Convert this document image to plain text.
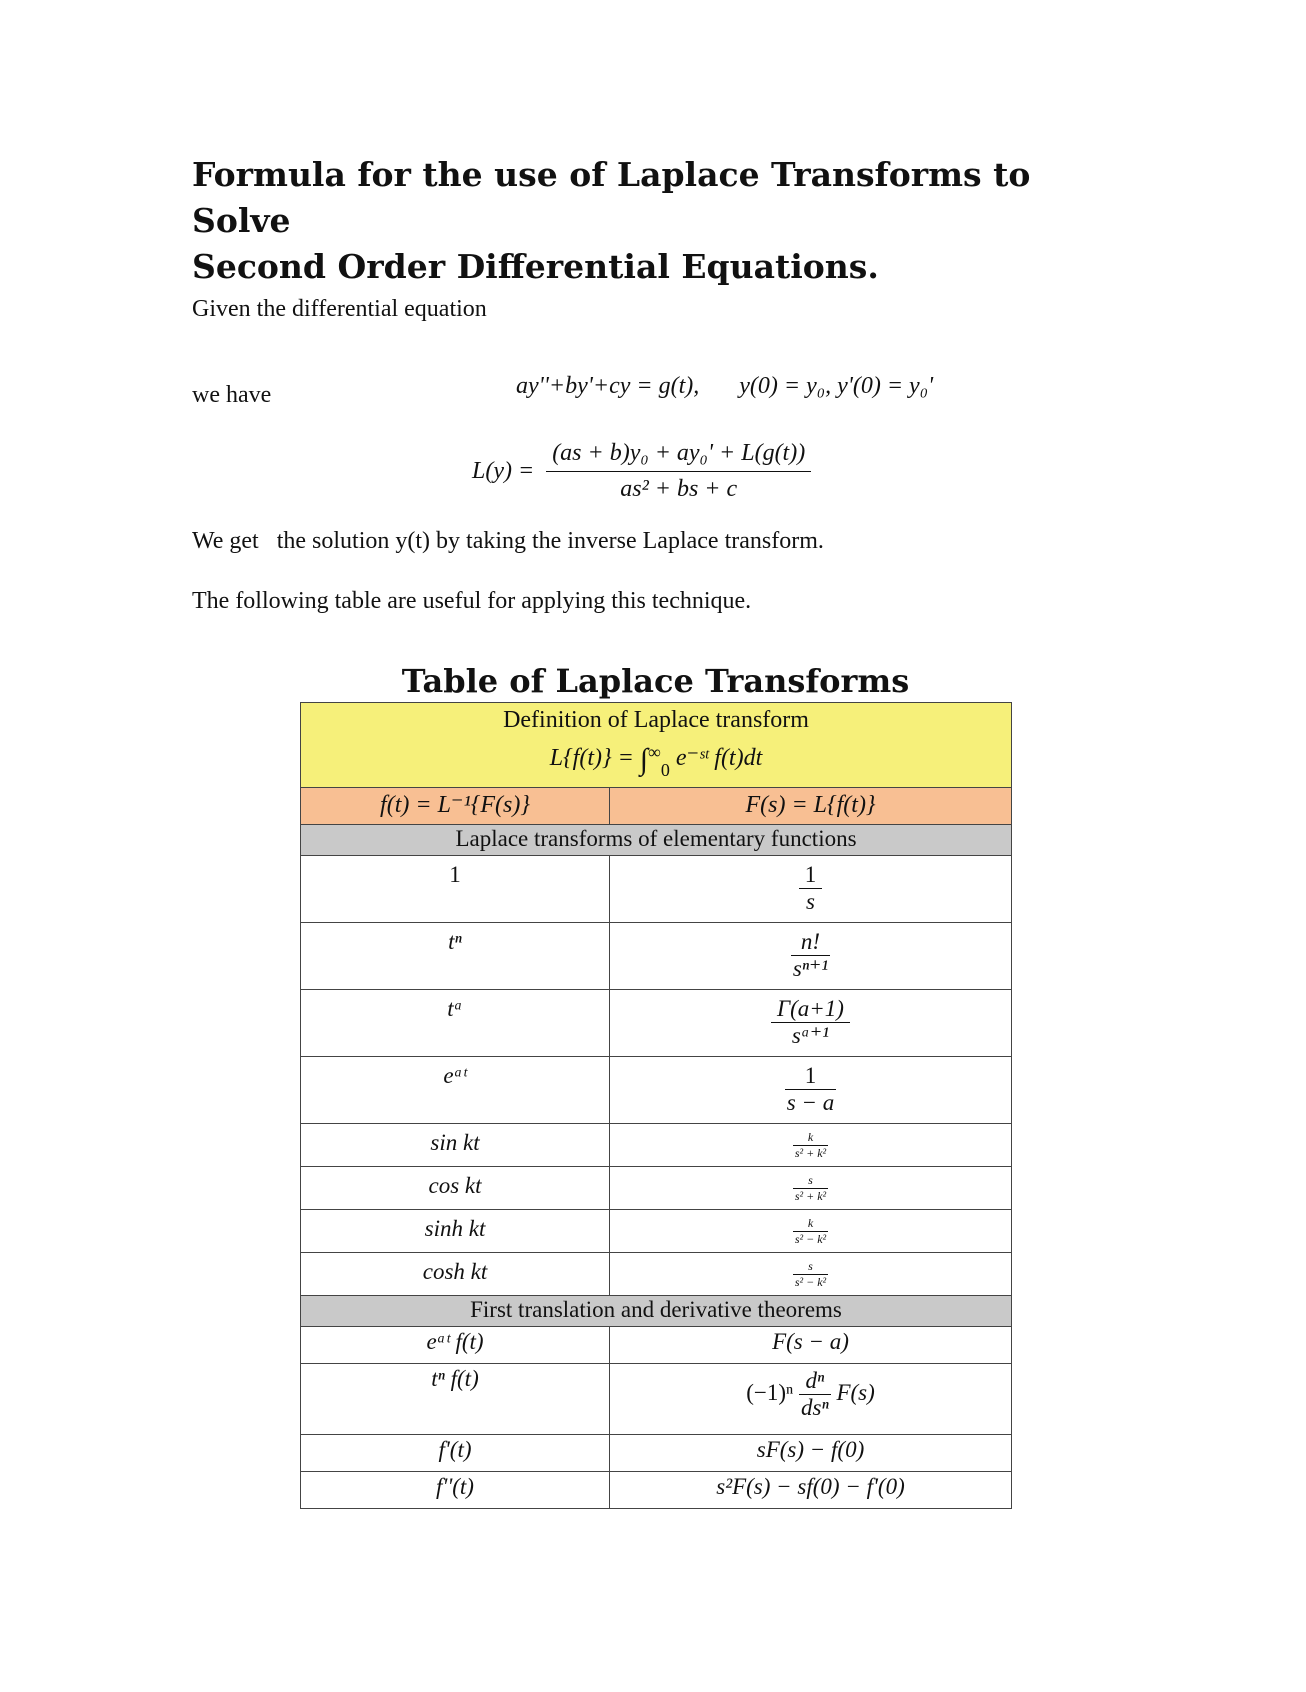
Formula for the use of Laplace Transforms to Solve
Second Order Differential Equations.

Given the differential equation

ay''+by'+cy = g(t), y(0) = y₀, y'(0) = y₀'

we have

$L(y) = \frac{\text{(as + b)y₀ + ay₀' + L(g(t))}}{\text{as² + bs + c}}$

We get   the solution y(t) by taking the inverse Laplace transform.

The following table are useful for applying this technique.

Table of Laplace Transforms
Definition of Laplace transform
$L\{f(t)\} = \int^\infty_0$ e⁻ˢᵗ f(t)dt	

f(t) = L⁻¹{F(s)}	F(s) = L{f(t)}
Laplace transforms of elementary functions	
1	$\frac{1}{s}$

tⁿ	$\frac{n!}{\text{sⁿ⁺¹}}$

tᵃ	$\frac{\Gamma(a+1)}{\text{sᵃ⁺¹}}$

eᵃᵗ	$\frac{1}{s - a}$

sin kt	$\frac{k}{\text{s² + k²}}$

cos kt	$\frac{s}{\text{s² + k²}}$

sinh kt	$\frac{k}{\text{s² − k²}}$

cosh kt	$\frac{s}{\text{s² − k²}}$

First translation and derivative theorems	
eᵃᵗ f(t)	F(s − a)
tⁿ f(t)	$(-1)^n \frac{\text{dⁿ}}{\text{dsⁿ}} F(s)$
f'(t)	sF(s) − f(0)
f''(t)	s²F(s) − sf(0) − f'(0)
